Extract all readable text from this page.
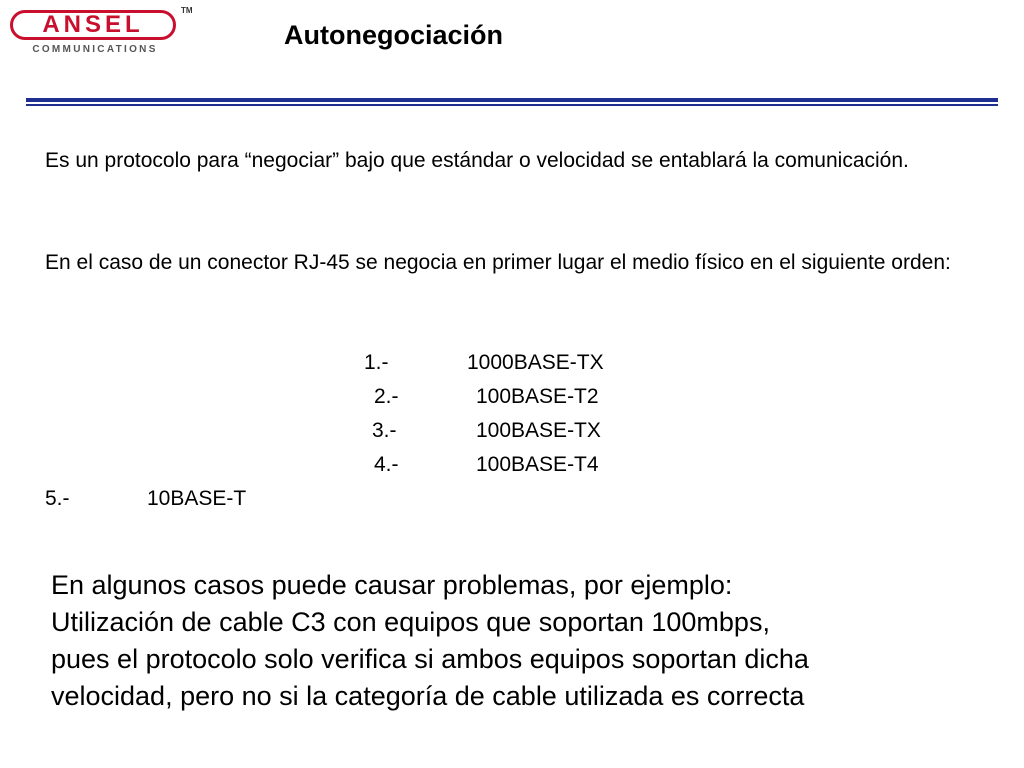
ANSEL
TM
COMMUNICATIONS	Autonegociación

Es un protocolo para “negociar” bajo que estándar o velocidad se entablará la comunicación.

En el caso de un conector RJ-45 se negocia en primer lugar el medio físico en el siguiente orden:

1.-	1000BASE-TX
2.-	100BASE-T2
3.-	100BASE-TX
4.-	100BASE-T4
5.-	10BASE-T

En algunos casos puede causar problemas, por ejemplo:
Utilización de cable C3 con equipos que soportan 100mbps,
pues el protocolo solo verifica si ambos equipos soportan dicha
velocidad, pero no si la categoría de cable utilizada es correcta
